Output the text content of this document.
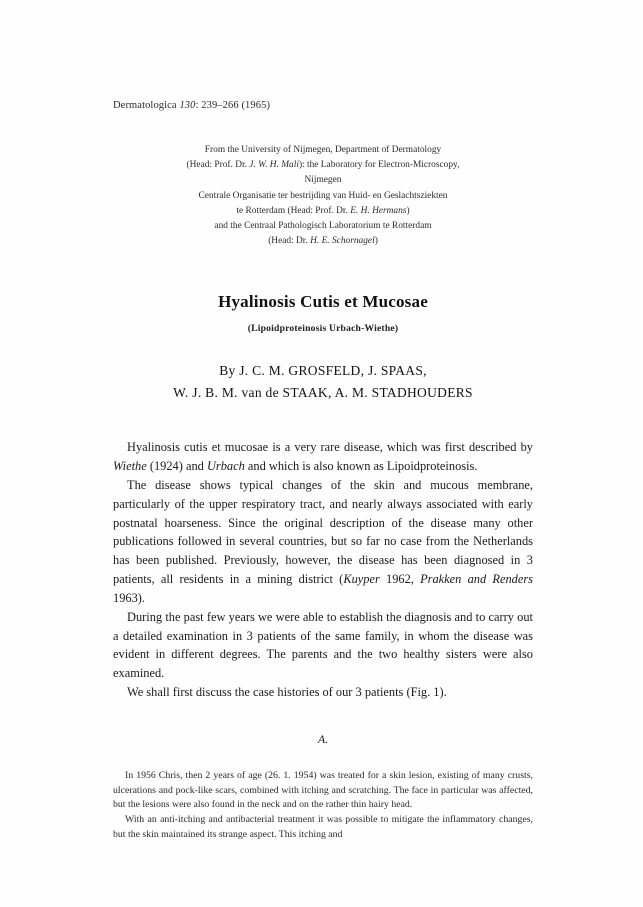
Dermatologica 130: 239–266 (1965)
From the University of Nijmegen, Department of Dermatology
(Head: Prof. Dr. J. W. H. Mali): the Laboratory for Electron-Microscopy,
Nijmegen
Centrale Organisatie ter bestrijding van Huid- en Geslachtsziekten
te Rotterdam (Head: Prof. Dr. E. H. Hermans)
and the Centraal Pathologisch Laboratorium te Rotterdam
(Head: Dr. H. E. Schornagel)
Hyalinosis Cutis et Mucosae
(Lipoidproteinosis Urbach-Wiethe)
By J. C. M. GROSFELD, J. SPAAS,
W. J. B. M. van de STAAK, A. M. STADHOUDERS

Hyalinosis cutis et mucosae is a very rare disease, which was first described by Wiethe (1924) and Urbach and which is also known as Lipoidproteinosis.

The disease shows typical changes of the skin and mucous membrane, particularly of the upper respiratory tract, and nearly always associated with early postnatal hoarseness. Since the original description of the disease many other publications followed in several countries, but so far no case from the Netherlands has been published. Previously, however, the disease has been diagnosed in 3 patients, all residents in a mining district (Kuyper 1962, Prakken and Renders 1963).

During the past few years we were able to establish the diagnosis and to carry out a detailed examination in 3 patients of the same family, in whom the disease was evident in different degrees. The parents and the two healthy sisters were also examined.

We shall first discuss the case histories of our 3 patients (Fig. 1).

A.

In 1956 Chris, then 2 years of age (26. 1. 1954) was treated for a skin lesion, existing of many crusts, ulcerations and pock-like scars, combined with itching and scratching. The face in particular was affected, but the lesions were also found in the neck and on the rather thin hairy head.

With an anti-itching and antibacterial treatment it was possible to mitigate the inflammatory changes, but the skin maintained its strange aspect. This itching and
